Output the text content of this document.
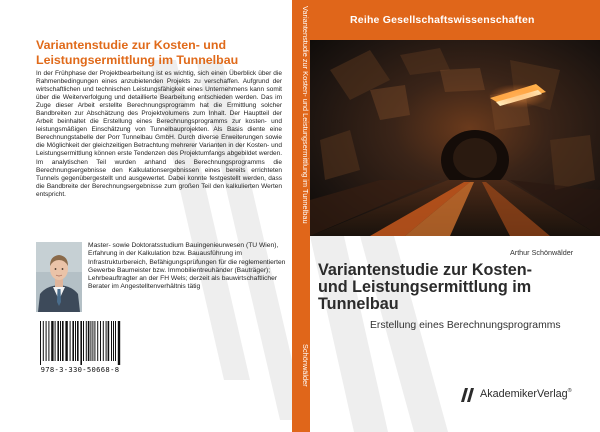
Variantenstudie zur Kosten- und Leistungsermittlung im Tunnelbau
In der Frühphase der Projektbearbeitung ist es wichtig, sich einen Überblick über die Rahmenbedingungen eines anzubietenden Projekts zu verschaffen. Aufgrund der wirtschaftlichen und technischen Leistungsfähigkeit eines Unternehmens kann somit über die Weiterverfolgung und detaillierte Bearbeitung entschieden werden. Das im Zuge dieser Arbeit erstellte Berechnungsprogramm hat die Ermittlung solcher Bandbreiten zur Abschätzung des Projektvolumens zum Inhalt. Der Hauptteil der Arbeit beinhaltet die Erstellung eines Berechnungsprogramms zur kosten- und leistungsmäßigen Einschätzung von Tunnelbauprojekten. Als Basis diente eine Berechnungstabelle der Porr Tunnelbau GmbH. Durch diverse Erweiterungen sowie die Möglichkeit der gleichzeitigen Betrachtung mehrerer Varianten in der Kosten- und Leistungsermittlung können erste Tendenzen des Projektumfangs abgebildet werden. Im analytischen Teil wurden anhand des Berechnungsprogramms die Berechnungsergebnisse den Kalkulationsergebnissen eines bereits errichteten Tunnels gegenübergestellt und ausgewertet. Dabei konnte festgestellt werden, dass die Bandbreite der Berechnungsergebnisse zum großen Teil den kalkulierten Werten entspricht.
Master- sowie Doktoratsstudium Bauingenieurwesen (TU Wien), Erfahrung in der Kalkulation bzw. Bauausführung im Infrastrukturbereich, Befähigungsprüfungen für die reglementierten Gewerbe Baumeister bzw. Immobilientreuhänder (Bauträger); Lehrbeauftragter an der FH Wels; derzeit als bauwirtschaftlicher Berater im Angestelltenverhältnis tätig
978-3-330-50668-8
Variantenstudie zur Kosten- und Leistungsermittlung im Tunnelbau
Schönwälder
Reihe Gesellschaftswissenschaften
Arthur Schönwälder
Variantenstudie zur Kosten-
und Leistungsermittlung im
Tunnelbau
Erstellung eines Berechnungsprogramms
AkademikerVerlag®
